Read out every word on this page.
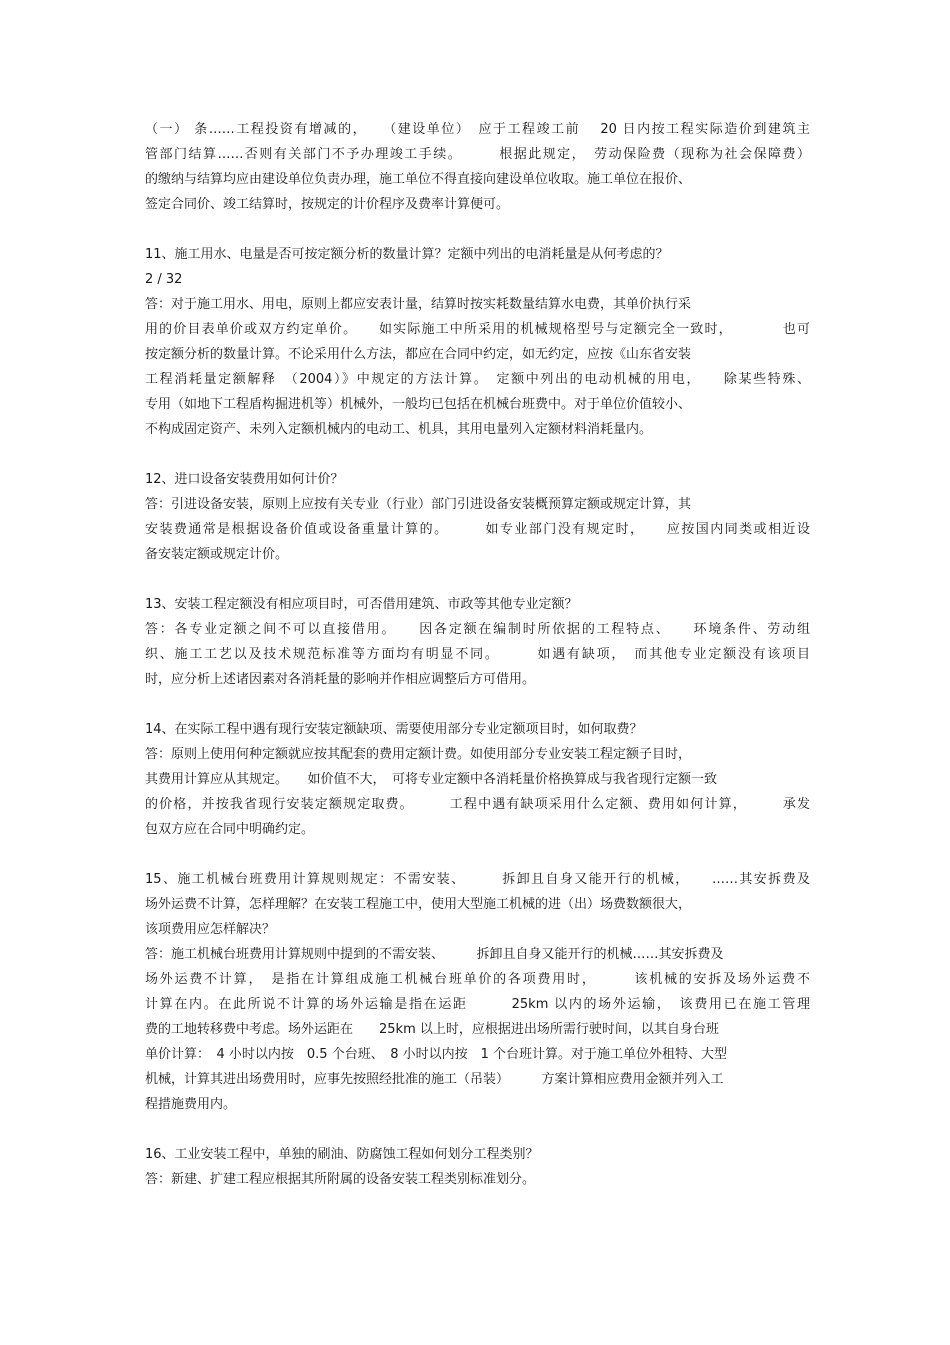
（一） 条……工程投资有增减的，　　（建设单位）　应于工程竣工前　 20 日内按工程实际造价到建筑主
管部门结算……否则有关部门不予办理竣工手续。　　　根据此规定，　劳动保险费（现称为社会保障费）
的缴纳与结算均应由建设单位负责办理，施工单位不得直接向建设单位收取。施工单位在报价、
签定合同价、竣工结算时，按规定的计价程序及费率计算便可。
11、施工用水、电量是否可按定额分析的数量计算？定额中列出的电消耗量是从何考虑的？
2 / 32
答：对于施工用水、用电，原则上都应安表计量，结算时按实耗数量结算水电费，其单价执行采
用的价目表单价或双方约定单价。　　如实际施工中所采用的机械规格型号与定额完全一致时，　　　　也可
按定额分析的数量计算。不论采用什么方法，都应在合同中约定，如无约定，应按《山东省安装
工程消耗量定额解释　（2004）》中规定的方法计算。　定额中列出的电动机械的用电，　　除某些特殊、
专用（如地下工程盾构掘进机等）机械外，一般均已包括在机械台班费中。对于单位价值较小、
不构成固定资产、未列入定额机械内的电动工、机具，其用电量列入定额材料消耗量内。
12、进口设备安装费用如何计价？
答：引进设备安装，原则上应按有关专业（行业）部门引进设备安装概预算定额或规定计算，其
安装费通常是根据设备价值或设备重量计算的。　　　如专业部门没有规定时，　　应按国内同类或相近设
备安装定额或规定计价。
13、安装工程定额没有相应项目时，可否借用建筑、市政等其他专业定额？
答：各专业定额之间不可以直接借用。　　因各定额在编制时所依据的工程特点、　　环境条件、劳动组
织、施工工艺以及技术规范标准等方面均有明显不同。　　　如遇有缺项，　而其他专业定额没有该项目
时，应分析上述诸因素对各消耗量的影响并作相应调整后方可借用。
14、在实际工程中遇有现行安装定额缺项、需要使用部分专业定额项目时，如何取费？
答：原则上使用何种定额就应按其配套的费用定额计费。如使用部分专业安装工程定额子目时，
其费用计算应从其规定。　　如价值不大，　可将专业定额中各消耗量价格换算成与我省现行定额一致
的价格，并按我省现行安装定额规定取费。　　　工程中遇有缺项采用什么定额、费用如何计算，　　　承发
包双方应在合同中明确约定。
15、施工机械台班费用计算规则规定：不需安装、　　　拆卸且自身又能开行的机械，　　……其安拆费及
场外运费不计算，怎样理解？在安装工程施工中，使用大型施工机械的进（出）场费数额很大，
该项费用应怎样解决？
答：施工机械台班费用计算规则中提到的不需安装、　　　拆卸且自身又能开行的机械……其安拆费及
场外运费不计算，　是指在计算组成施工机械台班单价的各项费用时，　　　该机械的安拆及场外运费不
计算在内。在此所说不计算的场外运输是指在运距　　　25km 以内的场外运输，　该费用已在施工管理
费的工地转移费中考虑。场外运距在　　25km 以上时，应根据进出场所需行驶时间，以其自身台班
单价计算：　4 小时以内按　0.5 个台班、　8 小时以内按　1 个台班计算。对于施工单位外租特、大型
机械，计算其进出场费用时，应事先按照经批准的施工（吊装）　　　方案计算相应费用金额并列入工
程措施费用内。
16、工业安装工程中，单独的刷油、防腐蚀工程如何划分工程类别？
答：新建、扩建工程应根据其所附属的设备安装工程类别标准划分。
